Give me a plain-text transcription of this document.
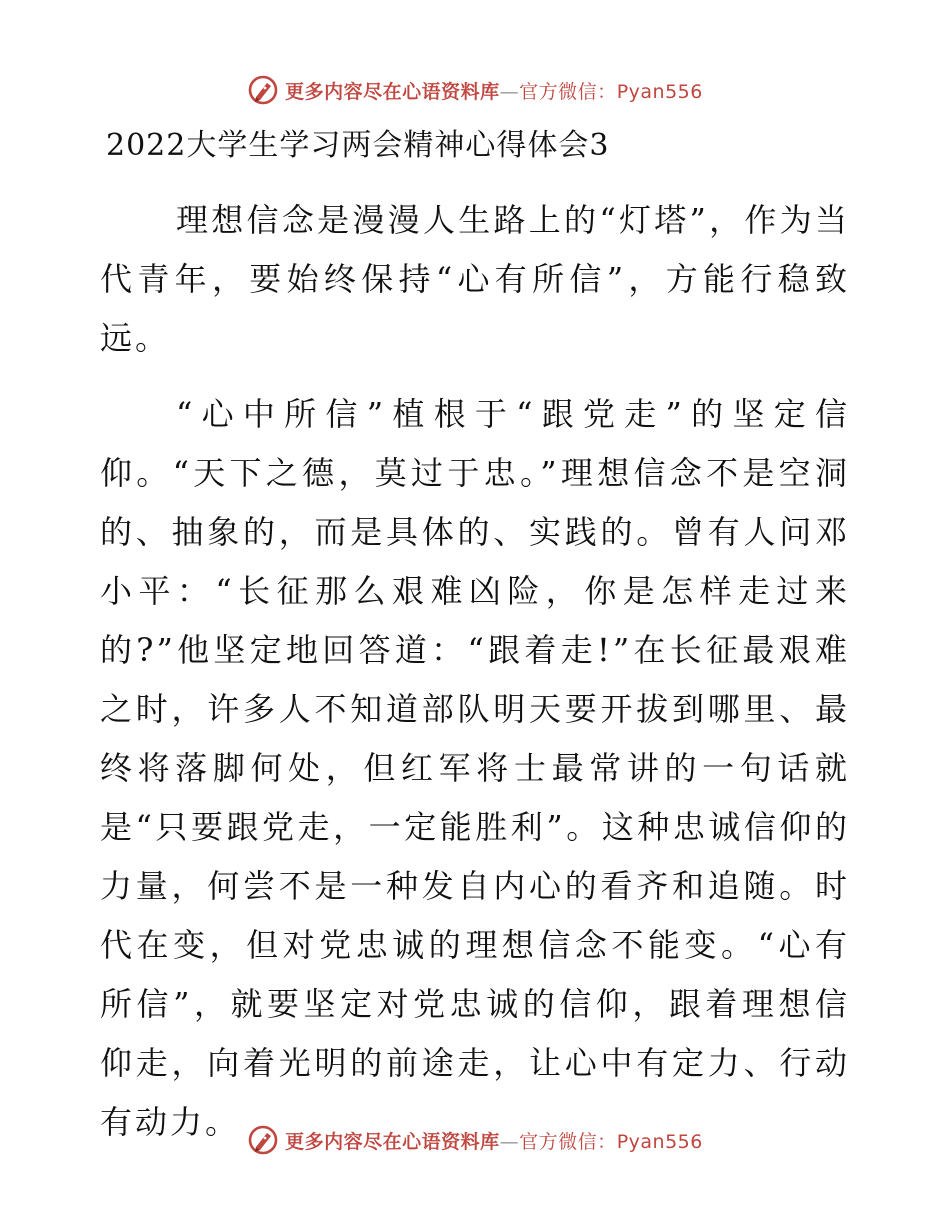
更多内容尽在心语资料库—官方微信：Pyan556
2022大学生学习两会精神心得体会3

理想信念是漫漫人生路上的“灯塔”，作为当代青年，要始终保持“心有所信”，方能行稳致远。

“心中所信”植根于“跟党走”的坚定信仰。“天下之德，莫过于忠。”理想信念不是空洞的、抽象的，而是具体的、实践的。曾有人问邓小平：“长征那么艰难凶险，你是怎样走过来的?”他坚定地回答道：“跟着走!”在长征最艰难之时，许多人不知道部队明天要开拔到哪里、最终将落脚何处，但红军将士最常讲的一句话就是“只要跟党走，一定能胜利”。这种忠诚信仰的力量，何尝不是一种发自内心的看齐和追随。时代在变，但对党忠诚的理想信念不能变。“心有所信”，就要坚定对党忠诚的信仰，跟着理想信仰走，向着光明的前途走，让心中有定力、行动有动力。

更多内容尽在心语资料库—官方微信：Pyan556
